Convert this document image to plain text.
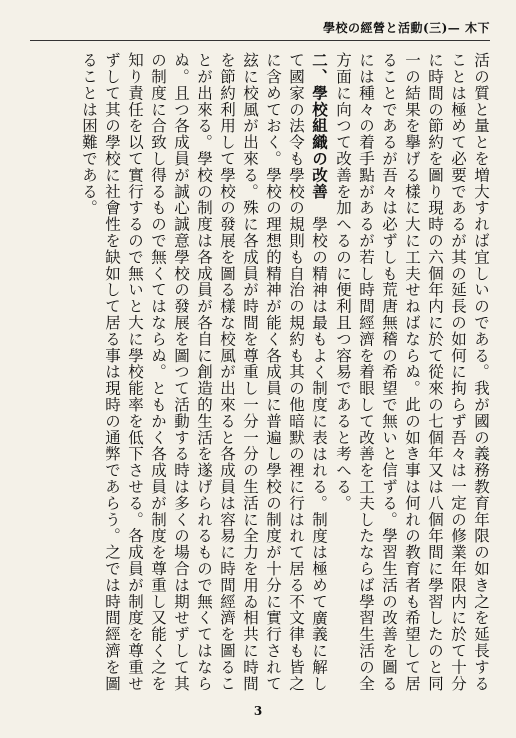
學校の經營と活動(三)— 木下

活の質と量とを増大すれば宜しいのである。我が國の義務教育年限の如き之を延長することは極めて必要であるが其の延長の如何に拘らず吾々は一定の修業年限内に於て十分に時間の節約を圖り現時の六個年内に於て從來の七個年又は八個年間に學習したのと同一の結果を擧げる樣に大に工夫せねばならぬ。此の如き事は何れの教育者も希望して居ることであるが吾々は必ずしも荒唐無稽の希望で無いと信ずる。學習生活の改善を圖るには種々の着手點があるが若し時間經濟を着眼して改善を工夫したならば學習生活の全方面に向つて改善を加へるのに便利且つ容易であると考へる。

二、學校組織の改善　學校の精神は最もよく制度に表はれる。制度は極めて廣義に解して國家の法令も學校の規則も自治の規約も其の他暗默の裡に行はれて居る不文律も皆之に含めておく。學校の理想的精神が能く各成員に普遍し學校の制度が十分に實行されて玆に校風が出來る。殊に各成員が時間を尊重し一分一分の生活に全力を用ゐ相共に時間を節約利用して學校の發展を圖る樣な校風が出來ると各成員は容易に時間經濟を圖ることが出來る。學校の制度は各成員が各自に創造的生活を遂げられるもので無くてはならぬ。且つ各成員が誠心誠意學校の發展を圖つて活動する時は多くの場合は期せずして其の制度に合致し得るもので無くてはならぬ。ともかく各成員が制度を尊重し又能く之を知り責任を以て實行するので無いと大に學校能率を低下させる。各成員が制度を尊重せずして其の學校に社會性を缺如して居る事は現時の通弊であらう。之では時間經濟を圖ることは困難である。

3
